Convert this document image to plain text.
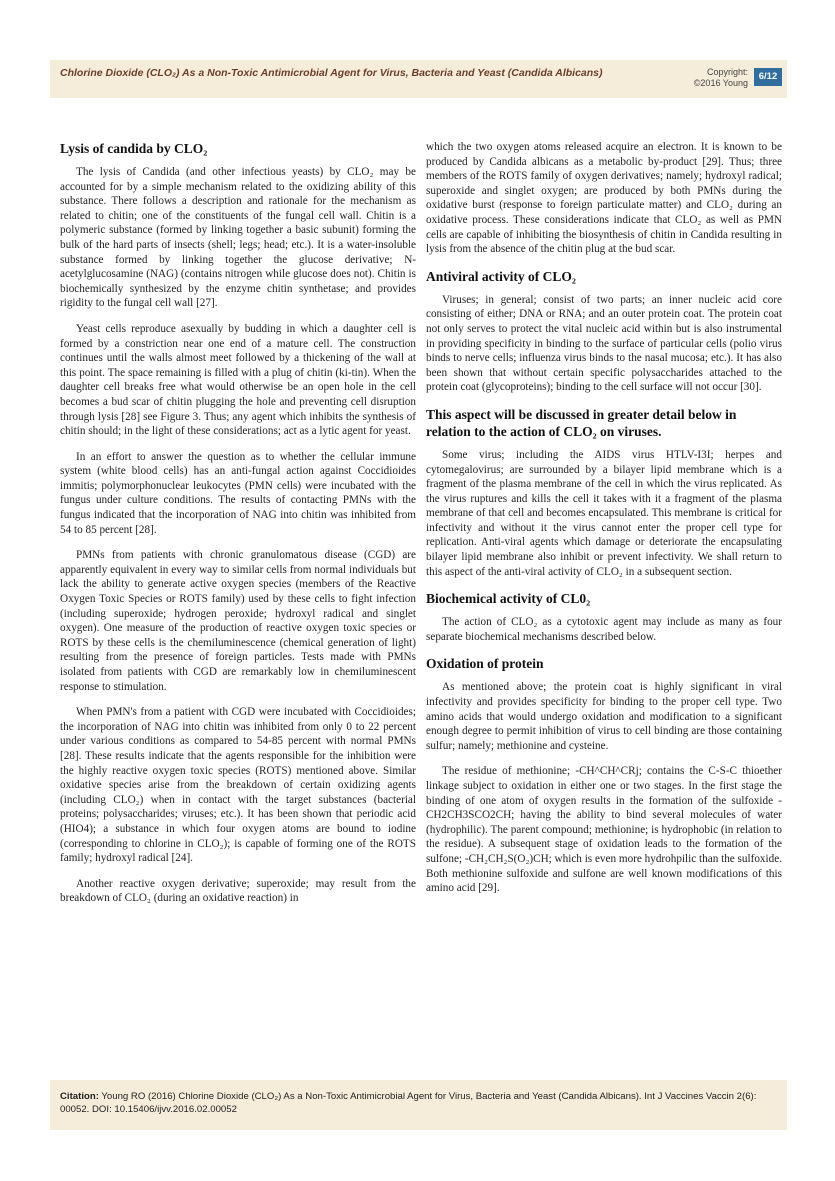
Chlorine Dioxide (CLO₂) As a Non-Toxic Antimicrobial Agent for Virus, Bacteria and Yeast (Candida Albicans)	Copyright:
©2016 Young
6/12
Lysis of candida by CLO₂

The lysis of Candida (and other infectious yeasts) by CLO₂ may be accounted for by a simple mechanism related to the oxidizing ability of this substance. There follows a description and rationale for the mechanism as related to chitin; one of the constituents of the fungal cell wall. Chitin is a polymeric substance (formed by linking together a basic subunit) forming the bulk of the hard parts of insects (shell; legs; head; etc.). It is a water-insoluble substance formed by linking together the glucose derivative; N-acetylglucosamine (NAG) (contains nitrogen while glucose does not). Chitin is biochemically synthesized by the enzyme chitin synthetase; and provides rigidity to the fungal cell wall [27].

Yeast cells reproduce asexually by budding in which a daughter cell is formed by a constriction near one end of a mature cell. The construction continues until the walls almost meet followed by a thickening of the wall at this point. The space remaining is filled with a plug of chitin (ki-tin). When the daughter cell breaks free what would otherwise be an open hole in the cell becomes a bud scar of chitin plugging the hole and preventing cell disruption through lysis [28] see Figure 3. Thus; any agent which inhibits the synthesis of chitin should; in the light of these considerations; act as a lytic agent for yeast.

In an effort to answer the question as to whether the cellular immune system (white blood cells) has an anti-fungal action against Coccidioides immitis; polymorphonuclear leukocytes (PMN cells) were incubated with the fungus under culture conditions. The results of contacting PMNs with the fungus indicated that the incorporation of NAG into chitin was inhibited from 54 to 85 percent [28].

PMNs from patients with chronic granulomatous disease (CGD) are apparently equivalent in every way to similar cells from normal individuals but lack the ability to generate active oxygen species (members of the Reactive Oxygen Toxic Species or ROTS family) used by these cells to fight infection (including superoxide; hydrogen peroxide; hydroxyl radical and singlet oxygen). One measure of the production of reactive oxygen toxic species or ROTS by these cells is the chemiluminescence (chemical generation of light) resulting from the presence of foreign particles. Tests made with PMNs isolated from patients with CGD are remarkably low in chemiluminescent response to stimulation.

When PMN's from a patient with CGD were incubated with Coccidioides; the incorporation of NAG into chitin was inhibited from only 0 to 22 percent under various conditions as compared to 54-85 percent with normal PMNs [28]. These results indicate that the agents responsible for the inhibition were the highly reactive oxygen toxic species (ROTS) mentioned above. Similar oxidative species arise from the breakdown of certain oxidizing agents (including CLO₂) when in contact with the target substances (bacterial proteins; polysaccharides; viruses; etc.). It has been shown that periodic acid (HIO4); a substance in which four oxygen atoms are bound to iodine (corresponding to chlorine in CLO₂); is capable of forming one of the ROTS family; hydroxyl radical [24].

Another reactive oxygen derivative; superoxide; may result from the breakdown of CLO₂ (during an oxidative reaction) in

which the two oxygen atoms released acquire an electron. It is known to be produced by Candida albicans as a metabolic by-product [29]. Thus; three members of the ROTS family of oxygen derivatives; namely; hydroxyl radical; superoxide and singlet oxygen; are produced by both PMNs during the oxidative burst (response to foreign particulate matter) and CLO₂ during an oxidative process. These considerations indicate that CLO₂ as well as PMN cells are capable of inhibiting the biosynthesis of chitin in Candida resulting in lysis from the absence of the chitin plug at the bud scar.

Antiviral activity of CLO₂

Viruses; in general; consist of two parts; an inner nucleic acid core consisting of either; DNA or RNA; and an outer protein coat. The protein coat not only serves to protect the vital nucleic acid within but is also instrumental in providing specificity in binding to the surface of particular cells (polio virus binds to nerve cells; influenza virus binds to the nasal mucosa; etc.). It has also been shown that without certain specific polysaccharides attached to the protein coat (glycoproteins); binding to the cell surface will not occur [30].

This aspect will be discussed in greater detail below in relation to the action of CLO₂ on viruses.

Some virus; including the AIDS virus HTLV-I3I; herpes and cytomegalovirus; are surrounded by a bilayer lipid membrane which is a fragment of the plasma membrane of the cell in which the virus replicated. As the virus ruptures and kills the cell it takes with it a fragment of the plasma membrane of that cell and becomes encapsulated. This membrane is critical for infectivity and without it the virus cannot enter the proper cell type for replication. Anti-viral agents which damage or deteriorate the encapsulating bilayer lipid membrane also inhibit or prevent infectivity. We shall return to this aspect of the anti-viral activity of CLO₂ in a subsequent section.

Biochemical activity of CL0₂

The action of CLO₂ as a cytotoxic agent may include as many as four separate biochemical mechanisms described below.

Oxidation of protein

As mentioned above; the protein coat is highly significant in viral infectivity and provides specificity for binding to the proper cell type. Two amino acids that would undergo oxidation and modification to a significant enough degree to permit inhibition of virus to cell binding are those containing sulfur; namely; methionine and cysteine.

The residue of methionine; -CH^CH^CRj; contains the C-S-C thioether linkage subject to oxidation in either one or two stages. In the first stage the binding of one atom of oxygen results in the formation of the sulfoxide -CH2CH3SCO2CH; having the ability to bind several molecules of water (hydrophilic). The parent compound; methionine; is hydrophobic (in relation to the residue). A subsequent stage of oxidation leads to the formation of the sulfone; -CH₂CH₂S(O₂)CH; which is even more hydrohpilic than the sulfoxide. Both methionine sulfoxide and sulfone are well known modifications of this amino acid [29].

Citation: Young RO (2016) Chlorine Dioxide (CLO₂) As a Non-Toxic Antimicrobial Agent for Virus, Bacteria and Yeast (Candida Albicans). Int J Vaccines Vaccin 2(6): 00052. DOI: 10.15406/ijvv.2016.02.00052
